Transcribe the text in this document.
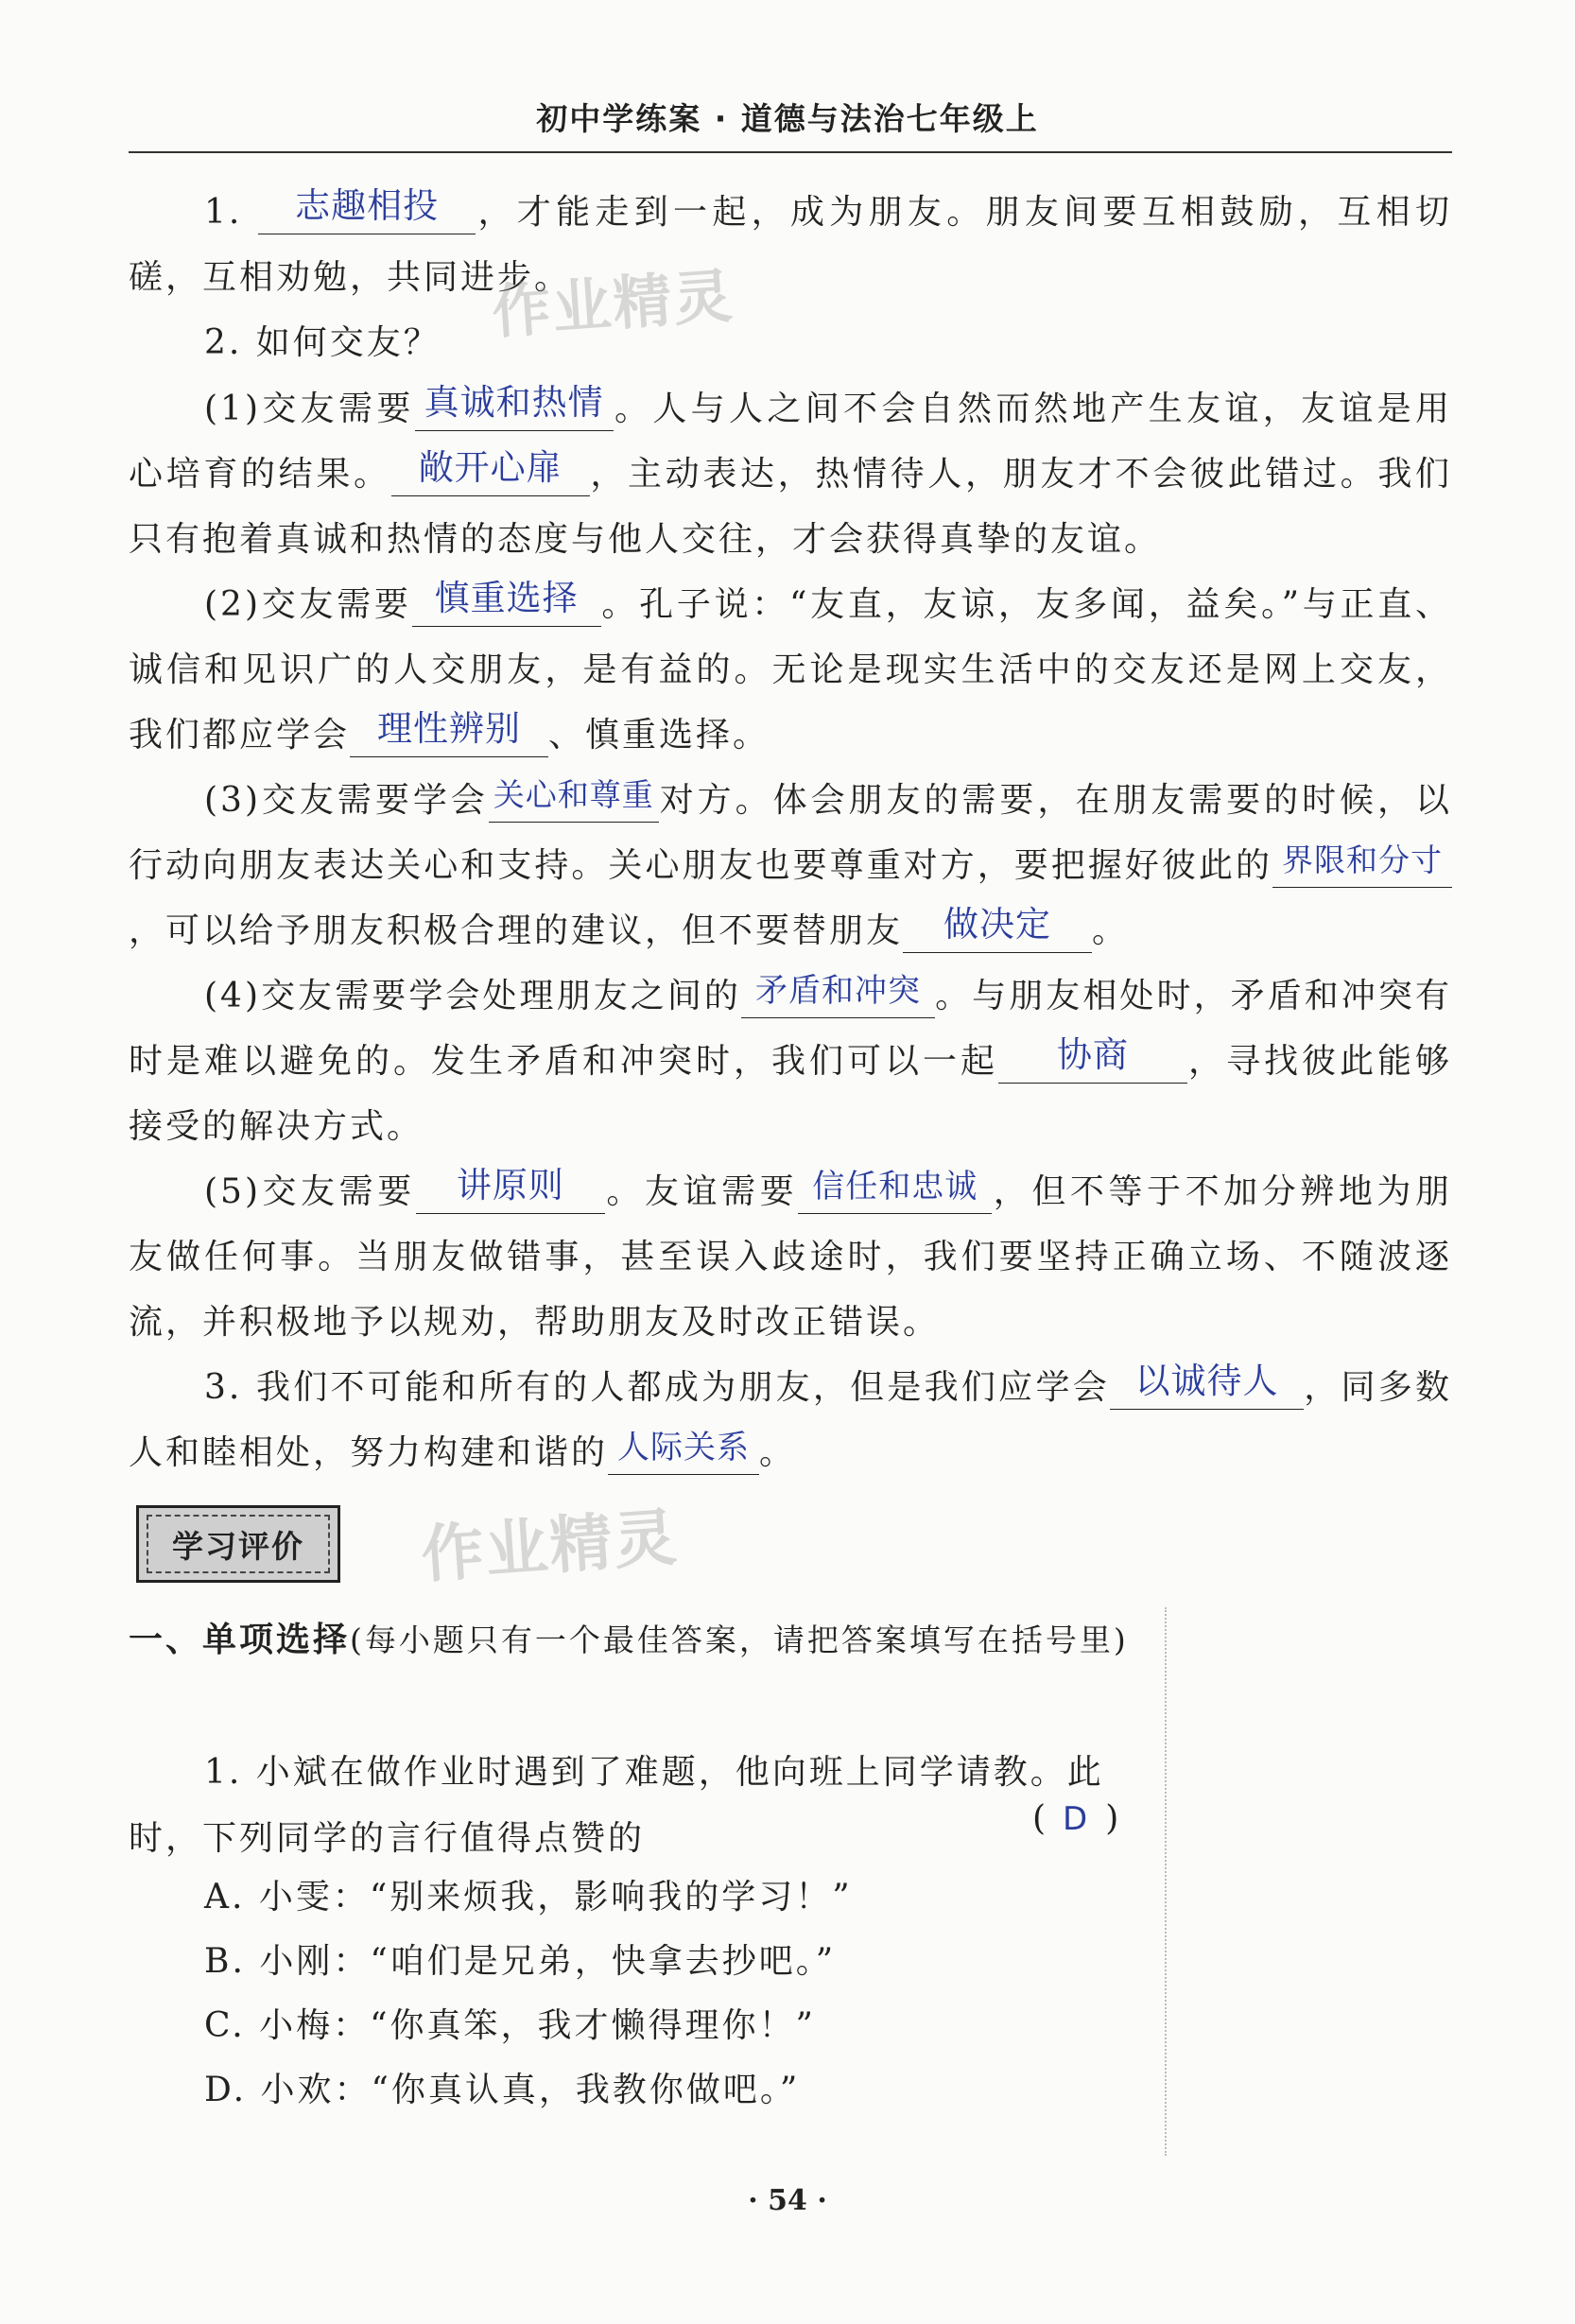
初中学练案 · 道德与法治七年级上
1. 志趣相投 ，才能走到一起，成为朋友。朋友间要互相鼓励，互相切磋，互相劝勉，共同进步。
作业精灵
2. 如何交友？
(1)交友需要 真诚和热情 。人与人之间不会自然而然地产生友谊，友谊是用心培育的结果。 敞开心扉 ，主动表达，热情待人，朋友才不会彼此错过。我们只有抱着真诚和热情的态度与他人交往，才会获得真挚的友谊。
(2)交友需要 慎重选择 。孔子说：“友直，友谅，友多闻，益矣。”与正直、诚信和见识广的人交朋友，是有益的。无论是现实生活中的交友还是网上交友，我们都应学会 理性辨别 、慎重选择。
(3)交友需要学会 关心和尊重 对方。体会朋友的需要，在朋友需要的时候，以行动向朋友表达关心和支持。关心朋友也要尊重对方，要把握好彼此的 界限和分寸，可以给予朋友积极合理的建议，但不要替朋友 做决定 。
(4)交友需要学会处理朋友之间的 矛盾和冲突 。与朋友相处时，矛盾和冲突有时是难以避免的。发生矛盾和冲突时，我们可以一起 协商 ，寻找彼此能够接受的解决方式。
(5)交友需要 讲原则 。友谊需要 信任和忠诚 ，但不等于不加分辨地为朋友做任何事。当朋友做错事，甚至误入歧途时，我们要坚持正确立场、不随波逐流，并积极地予以规劝，帮助朋友及时改正错误。
3. 我们不可能和所有的人都成为朋友，但是我们应学会 以诚待人 ，同多数人和睦相处，努力构建和谐的 人际关系 。
学习评价	作业精灵
一、单项选择(每小题只有一个最佳答案，请把答案填写在括号里)
1. 小斌在做作业时遇到了难题，他向班上同学请教。此时，下列同学的言行值得点赞的
( D )
A. 小雯：“别来烦我，影响我的学习！”
B. 小刚：“咱们是兄弟，快拿去抄吧。”
C. 小梅：“你真笨，我才懒得理你！”
D. 小欢：“你真认真，我教你做吧。”
· 54 ·
